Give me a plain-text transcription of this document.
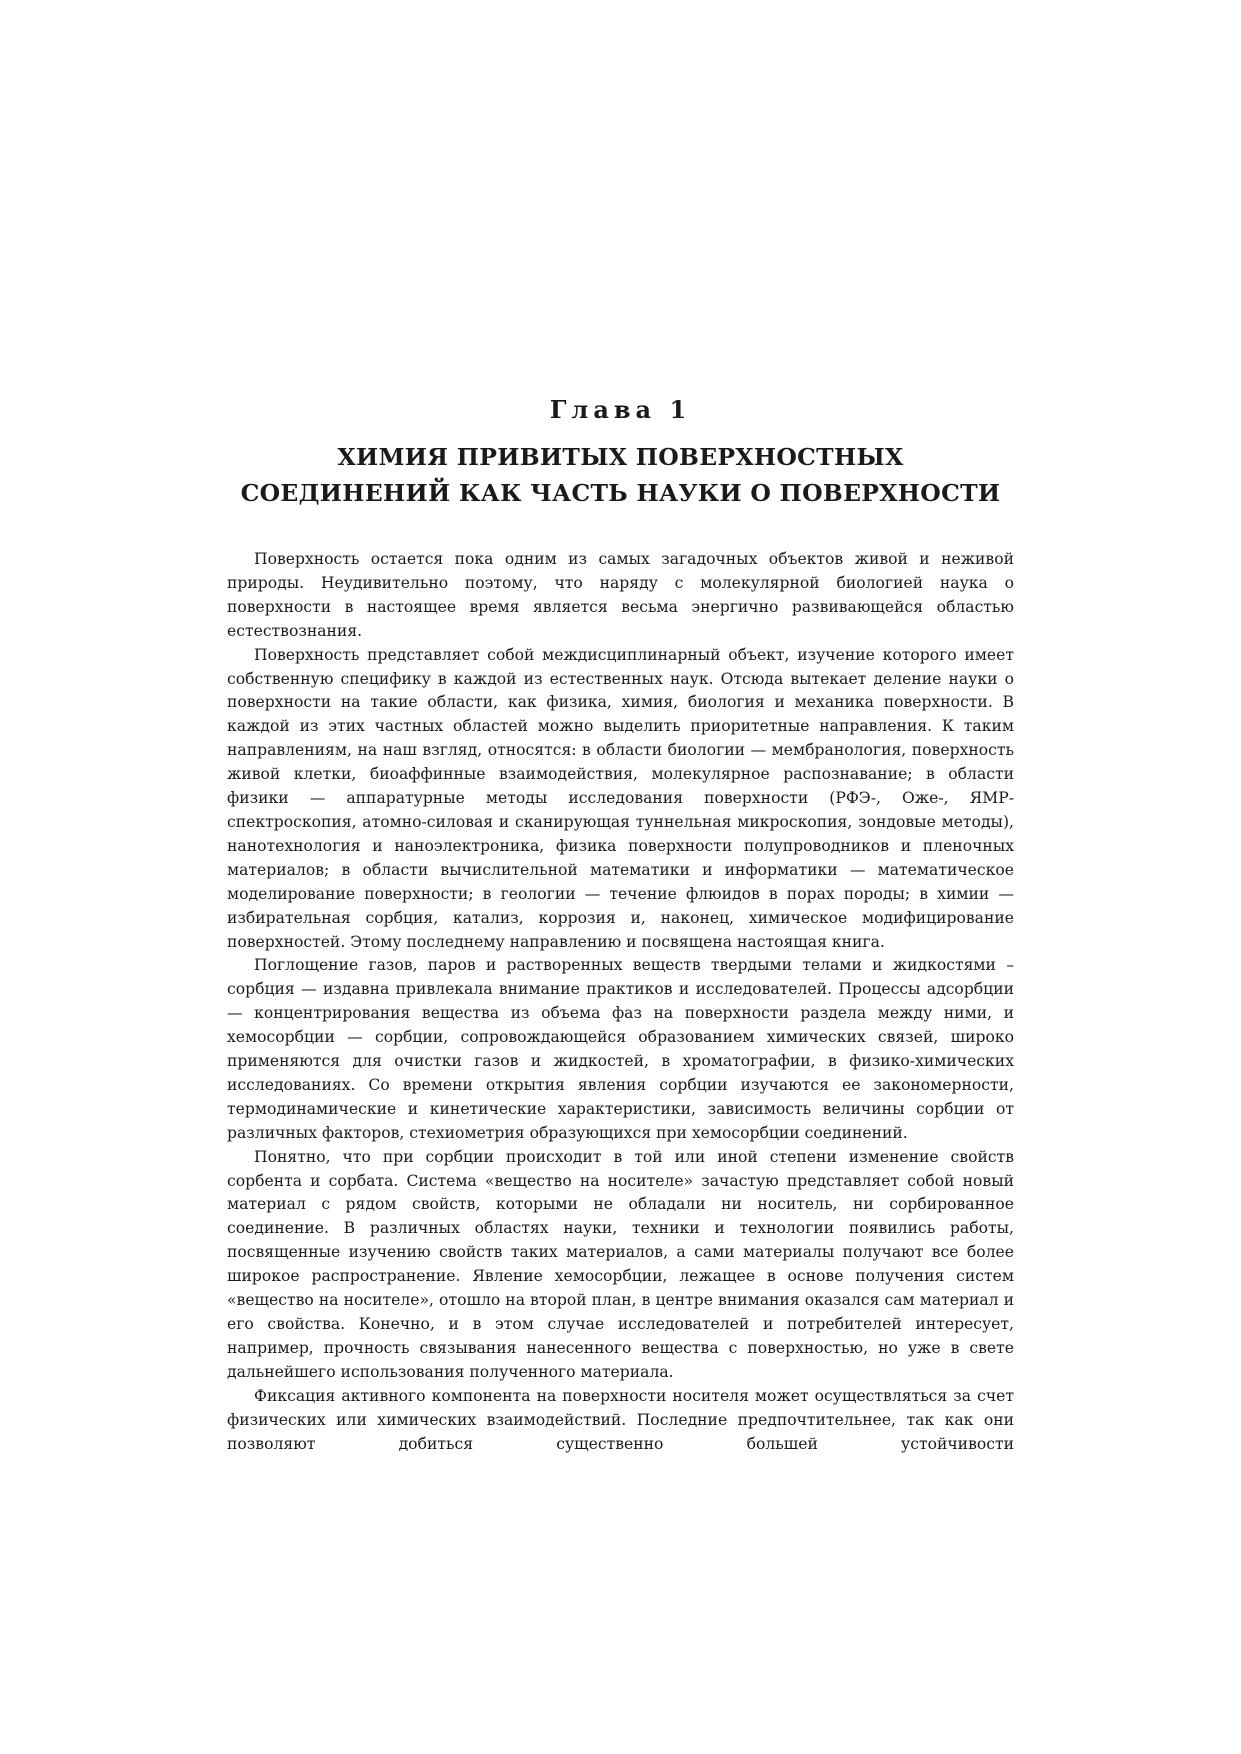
Глава 1
ХИМИЯ ПРИВИТЫХ ПОВЕРХНОСТНЫХ
СОЕДИНЕНИЙ КАК ЧАСТЬ НАУКИ О ПОВЕРХНОСТИ

Поверхность остается пока одним из самых загадочных объектов живой и неживой природы. Неудивительно поэтому, что наряду с молекулярной биологией наука о поверхности в настоящее время является весьма энергично развивающейся областью естествознания.

Поверхность представляет собой междисциплинарный объект, изучение которого имеет собственную специфику в каждой из естественных наук. Отсюда вытекает деление науки о поверхности на такие области, как физика, химия, биология и механика поверхности. В каждой из этих частных областей можно выделить приоритетные направления. К таким направлениям, на наш взгляд, относятся: в области биологии — мембранология, поверхность живой клетки, биоаффинные взаимодействия, молекулярное распознавание; в области физики — аппаратурные методы исследования поверхности (РФЭ-, Оже-, ЯМР-спектроскопия, атомно-силовая и сканирующая туннельная микроскопия, зондовые методы), нанотехнология и наноэлектроника, физика поверхности полупроводников и пленочных материалов; в области вычислительной математики и информатики — математическое моделирование поверхности; в геологии — течение флюидов в порах породы; в химии — избирательная сорбция, катализ, коррозия и, наконец, химическое модифицирование поверхностей. Этому последнему направлению и посвящена настоящая книга.

Поглощение газов, паров и растворенных веществ твердыми телами и жидкостями – сорбция — издавна привлекала внимание практиков и исследователей. Процессы адсорбции — концентрирования вещества из объема фаз на поверхности раздела между ними, и хемосорбции — сорбции, сопровождающейся образованием химических связей, широко применяются для очистки газов и жидкостей, в хроматографии, в физико-химических исследованиях. Со времени открытия явления сорбции изучаются ее закономерности, термодинамические и кинетические характеристики, зависимость величины сорбции от различных факторов, стехиометрия образующихся при хемосорбции соединений.

Понятно, что при сорбции происходит в той или иной степени изменение свойств сорбента и сорбата. Система «вещество на носителе» зачастую представляет собой новый материал с рядом свойств, которыми не обладали ни носитель, ни сорбированное соединение. В различных областях науки, техники и технологии появились работы, посвященные изучению свойств таких материалов, а сами материалы получают все более широкое распространение. Явление хемосорбции, лежащее в основе получения систем «вещество на носителе», отошло на второй план, в центре внимания оказался сам материал и его свойства. Конечно, и в этом случае исследователей и потребителей интересует, например, прочность связывания нанесенного вещества с поверхностью, но уже в свете дальнейшего использования полученного материала.

Фиксация активного компонента на поверхности носителя может осуществляться за счет физических или химических взаимодействий. Последние предпочтительнее, так как они позволяют добиться существенно большей устойчивости
